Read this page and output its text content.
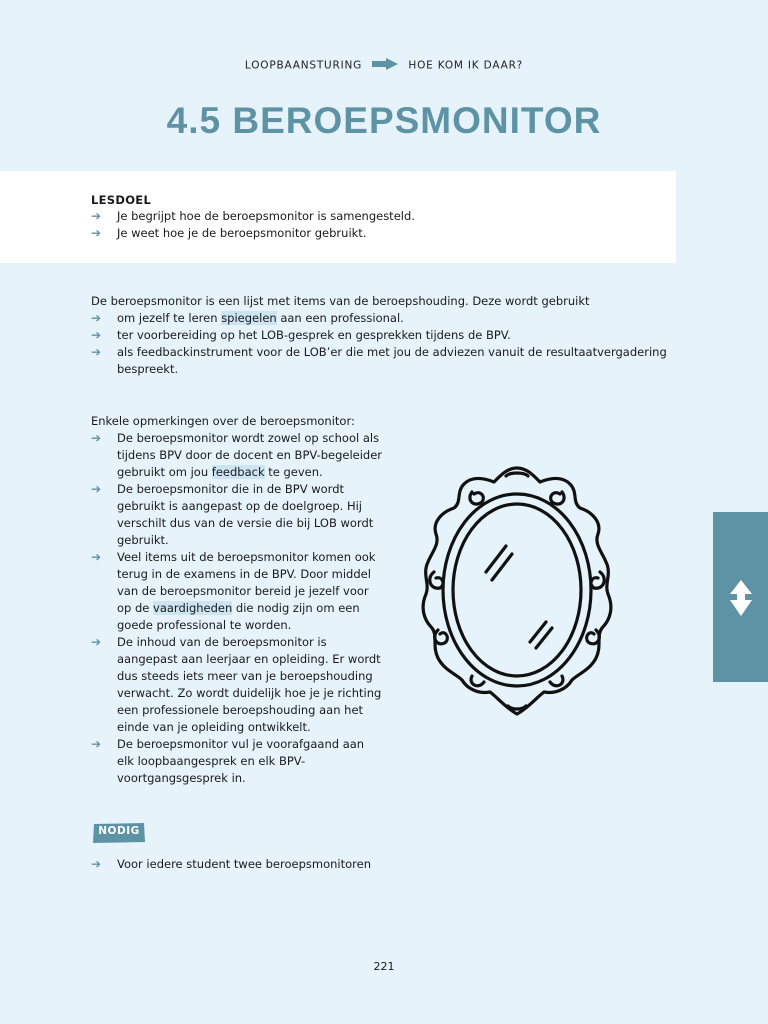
LOOPBAANSTURING	HOE KOM IK DAAR?
4.5 BEROEPSMONITOR
LESDOEL
➔ Je begrijpt hoe de beroepsmonitor is samengesteld.
➔ Je weet hoe je de beroepsmonitor gebruikt.
De beroepsmonitor is een lijst met items van de beroepshouding. Deze wordt gebruikt
➔ om jezelf te leren spiegelen aan een professional.
➔ ter voorbereiding op het LOB-gesprek en gesprekken tijdens de BPV.
➔ als feedbackinstrument voor de LOB’er die met jou de adviezen vanuit de resultaatvergadering bespreekt.
Enkele opmerkingen over de beroepsmonitor:
➔ De beroepsmonitor wordt zowel op school als tijdens BPV door de docent en BPV-begeleider gebruikt om jou feedback te geven.
➔ De beroepsmonitor die in de BPV wordt gebruikt is aangepast op de doelgroep. Hij verschilt dus van de versie die bij LOB wordt gebruikt.
➔ Veel items uit de beroepsmonitor komen ook terug in de examens in de BPV. Door middel van de beroepsmonitor bereid je jezelf voor op de vaardigheden die nodig zijn om een goede professional te worden.
➔ De inhoud van de beroepsmonitor is aangepast aan leerjaar en opleiding. Er wordt dus steeds iets meer van je beroepshouding verwacht. Zo wordt duidelijk hoe je je richting een professionele beroepshouding aan het einde van je opleiding ontwikkelt.
➔ De beroepsmonitor vul je voorafgaand aan elk loopbaangesprek en elk BPV-voortgangsgesprek in.
NODIG
➔ Voor iedere student twee beroepsmonitoren
221
